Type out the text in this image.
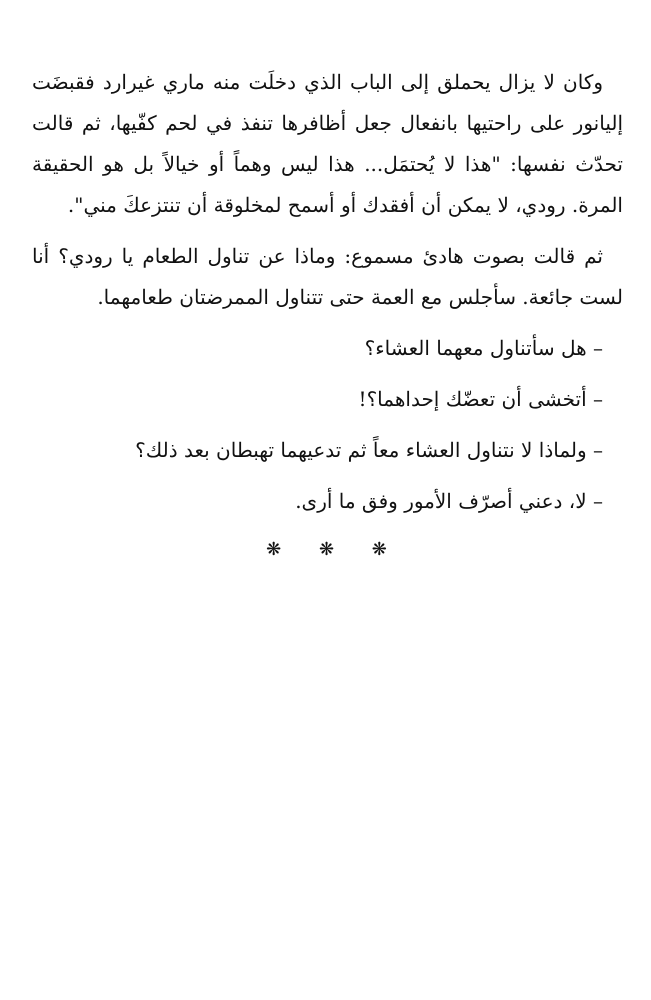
وكان لا يزال يحملق إلى الباب الذي دخلَت منه ماري غيرارد فقبضَت إليانور على راحتيها بانفعال جعل أظافرها تنفذ في لحم كفّيها، ثم قالت تحدّث نفسها: "هذا لا يُحتمَل... هذا ليس وهماً أو خيالاً بل هو الحقيقة المرة. رودي، لا يمكن أن أفقدك أو أسمح لمخلوقة أن تنتزعكَ مني".

ثم قالت بصوت هادئ مسموع: وماذا عن تناول الطعام يا رودي؟ أنا لست جائعة. سأجلس مع العمة حتى تتناول الممرضتان طعامهما.

– هل سأتناول معهما العشاء؟

– أتخشى أن تعضّك إحداهما؟!

– ولماذا لا نتناول العشاء معاً ثم تدعيهما تهبطان بعد ذلك؟

– لا، دعني أصرّف الأمور وفق ما أرى.

❋ ❋ ❋
